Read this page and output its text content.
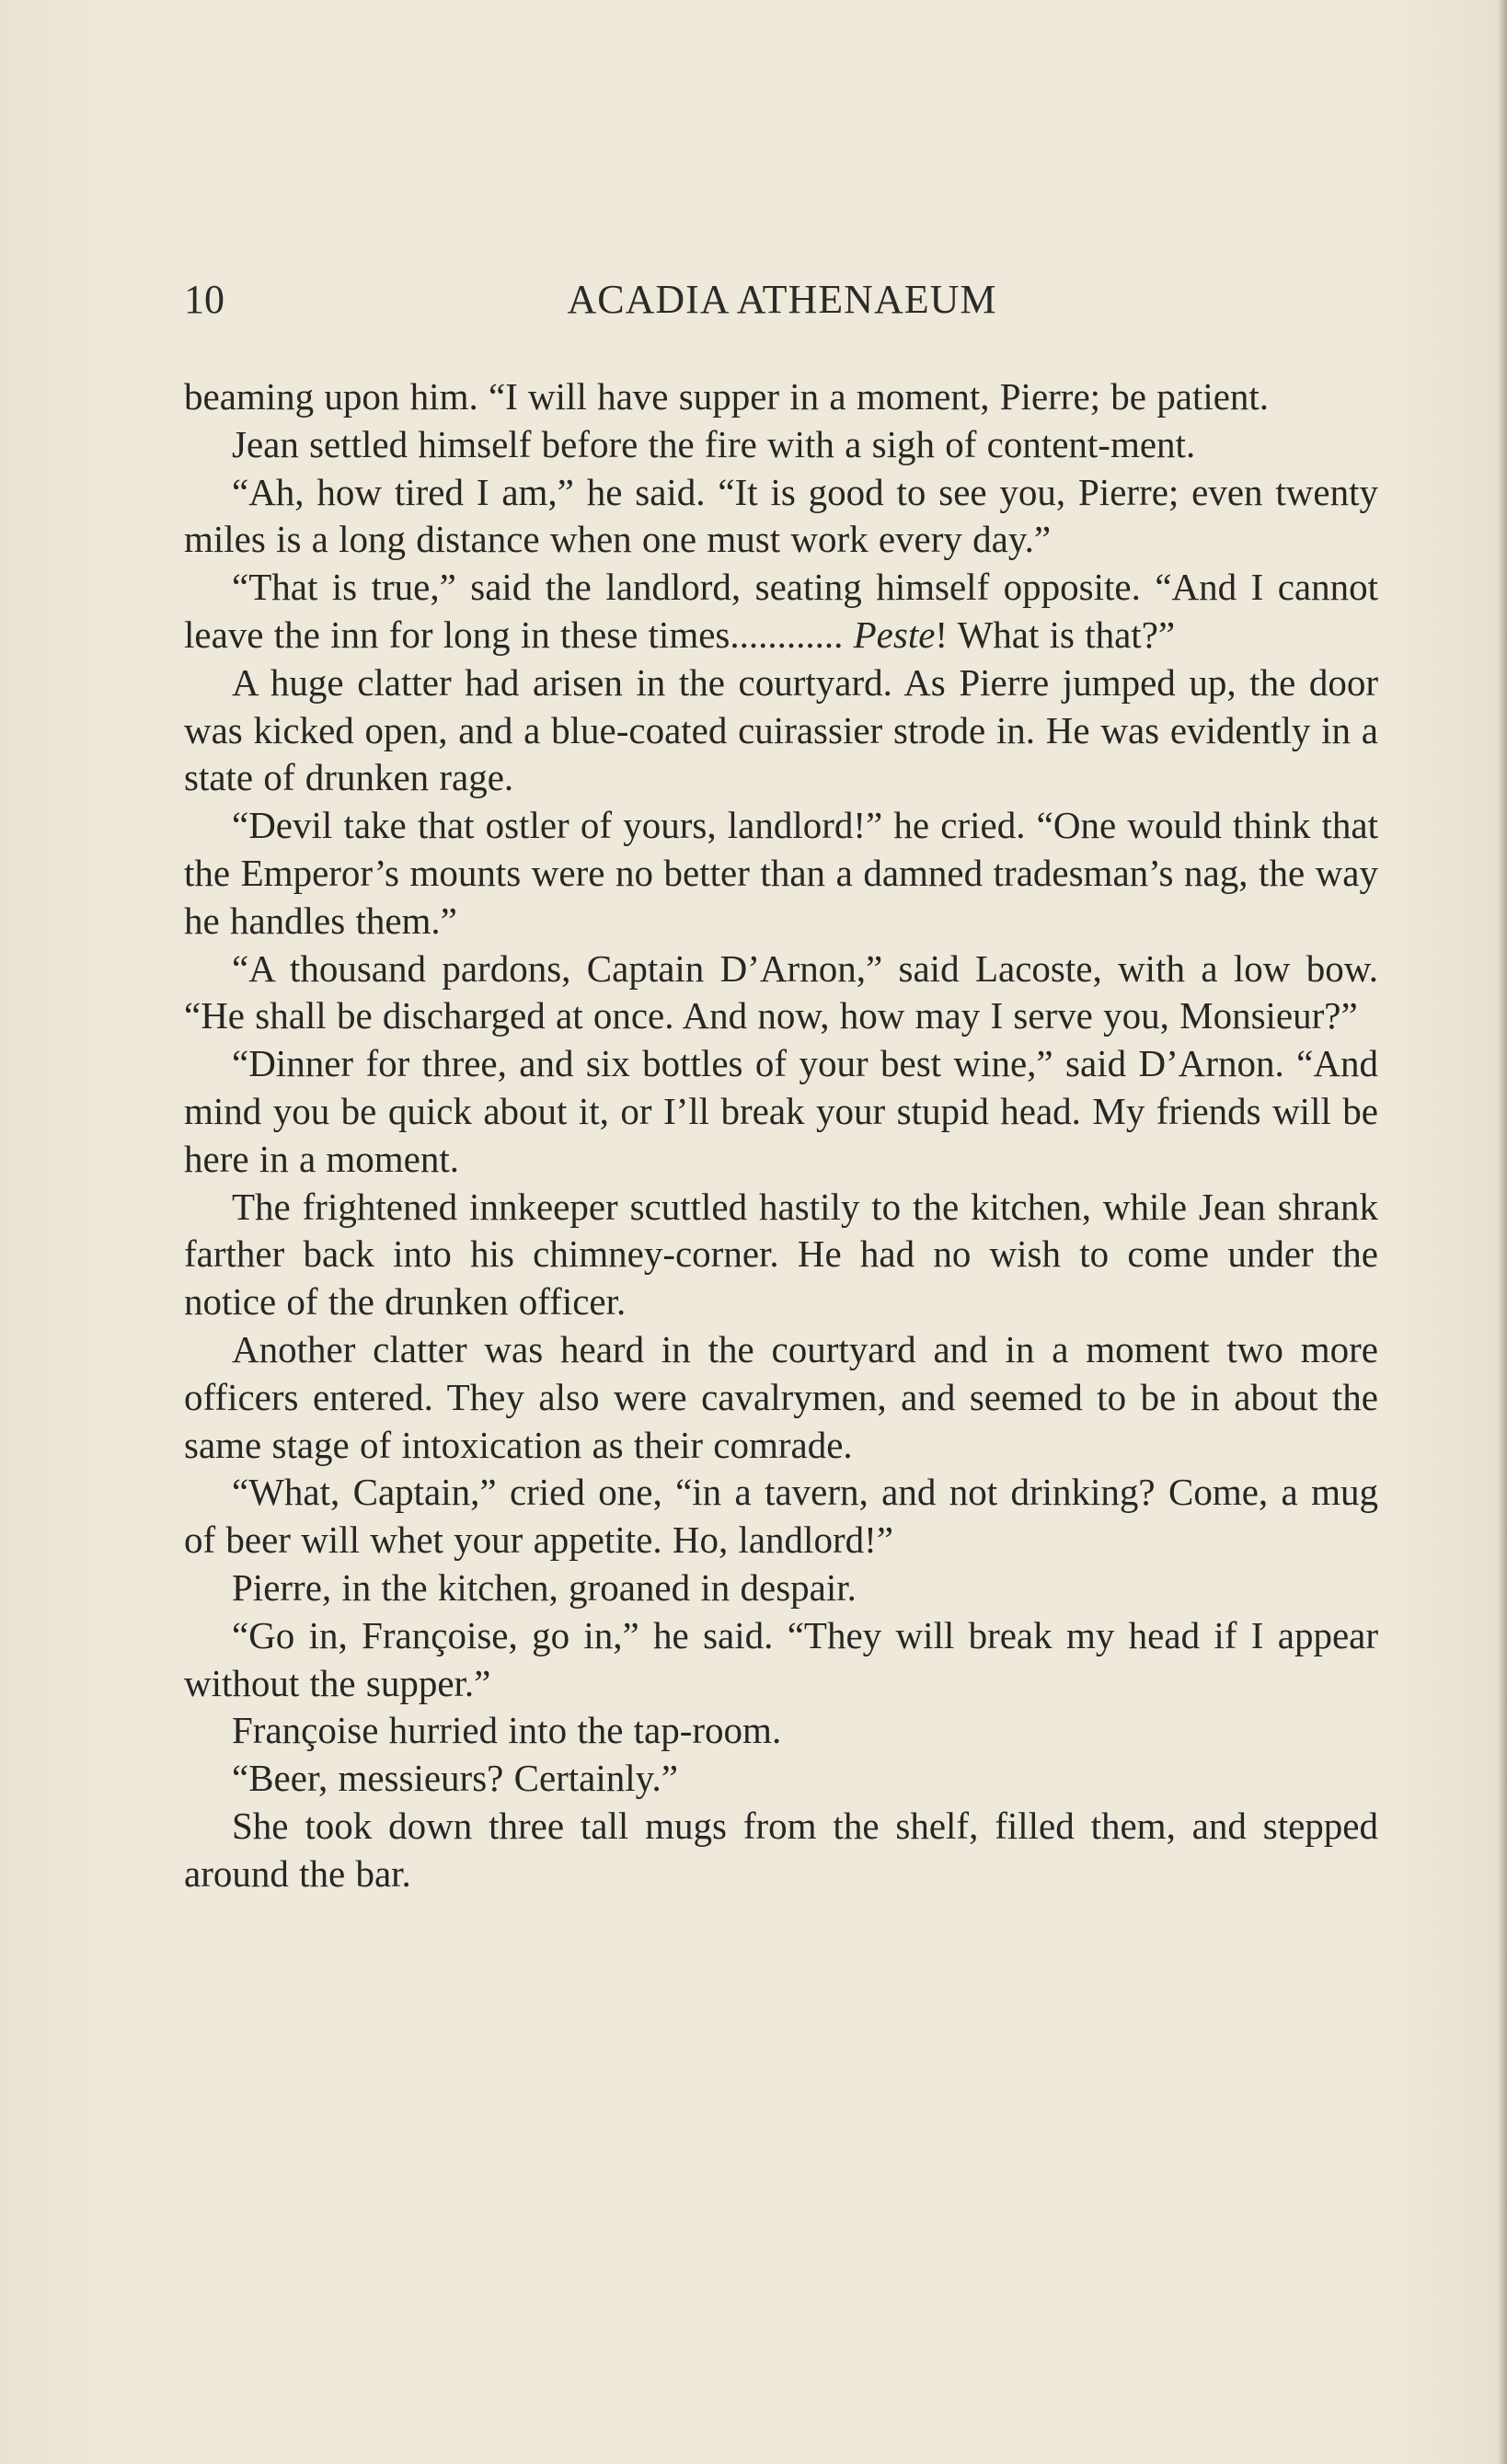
10	ACADIA ATHENAEUM

beaming upon him. “I will have supper in a moment, Pierre; be patient.

Jean settled himself before the fire with a sigh of content-ment.

“Ah, how tired I am,” he said. “It is good to see you, Pierre; even twenty miles is a long distance when one must work every day.”

“That is true,” said the landlord, seating himself opposite. “And I cannot leave the inn for long in these times............ Peste! What is that?”

A huge clatter had arisen in the courtyard. As Pierre jumped up, the door was kicked open, and a blue-coated cuirassier strode in. He was evidently in a state of drunken rage.

“Devil take that ostler of yours, landlord!” he cried. “One would think that the Emperor’s mounts were no better than a damned tradesman’s nag, the way he handles them.”

“A thousand pardons, Captain D’Arnon,” said Lacoste, with a low bow. “He shall be discharged at once. And now, how may I serve you, Monsieur?”

“Dinner for three, and six bottles of your best wine,” said D’Arnon. “And mind you be quick about it, or I’ll break your stupid head. My friends will be here in a moment.

The frightened innkeeper scuttled hastily to the kitchen, while Jean shrank farther back into his chimney-corner. He had no wish to come under the notice of the drunken officer.

Another clatter was heard in the courtyard and in a moment two more officers entered. They also were cavalrymen, and seemed to be in about the same stage of intoxication as their comrade.

“What, Captain,” cried one, “in a tavern, and not drinking? Come, a mug of beer will whet your appetite. Ho, landlord!”

Pierre, in the kitchen, groaned in despair.

“Go in, Françoise, go in,” he said. “They will break my head if I appear without the supper.”

Françoise hurried into the tap-room.

“Beer, messieurs? Certainly.”

She took down three tall mugs from the shelf, filled them, and stepped around the bar.
